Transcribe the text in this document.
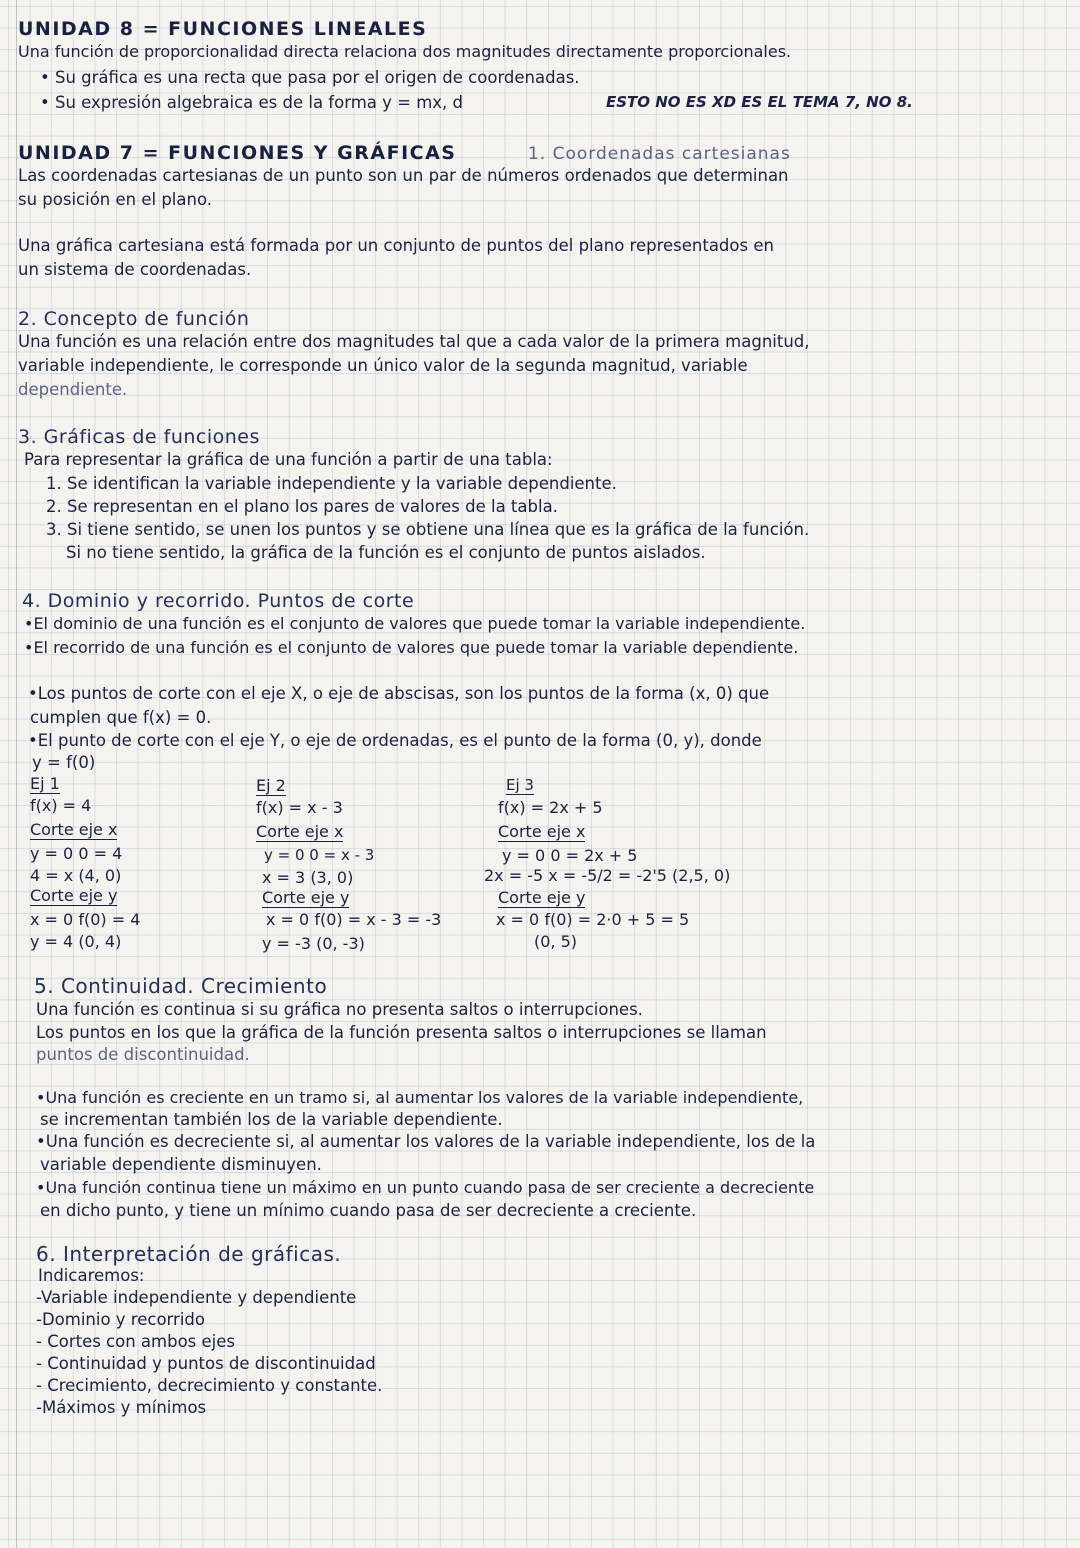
UNIDAD 8 = FUNCIONES LINEALES
Una función de proporcionalidad directa relaciona dos magnitudes directamente proporcionales.
• Su gráfica es una recta que pasa por el origen de coordenadas.
• Su expresión algebraica es de la forma y = mx, d	ESTO NO ES XD ES EL TEMA 7, NO 8.
UNIDAD 7 = FUNCIONES Y GRÁFICAS	1. Coordenadas cartesianas
Las coordenadas cartesianas de un punto son un par de números ordenados que determinan
su posición en el plano.
Una gráfica cartesiana está formada por un conjunto de puntos del plano representados en
un sistema de coordenadas.
2. Concepto de función
Una función es una relación entre dos magnitudes tal que a cada valor de la primera magnitud,
variable independiente, le corresponde un único valor de la segunda magnitud, variable
dependiente.
3. Gráficas de funciones
Para representar la gráfica de una función a partir de una tabla:
1. Se identifican la variable independiente y la variable dependiente.
2. Se representan en el plano los pares de valores de la tabla.
3. Si tiene sentido, se unen los puntos y se obtiene una línea que es la gráfica de la función.
Si no tiene sentido, la gráfica de la función es el conjunto de puntos aislados.
4. Dominio y recorrido. Puntos de corte
•El dominio de una función es el conjunto de valores que puede tomar la variable independiente.
•El recorrido de una función es el conjunto de valores que puede tomar la variable dependiente.
•Los puntos de corte con el eje X, o eje de abscisas, son los puntos de la forma (x, 0) que
cumplen que f(x) = 0.
•El punto de corte con el eje Y, o eje de ordenadas, es el punto de la forma (0, y), donde
y = f(0)
Ej 1
f(x) = 4
Corte eje x
y = 0 0 = 4
4 = x (4, 0)
Corte eje y
x = 0 f(0) = 4
y = 4 (0, 4)
Ej 2
f(x) = x - 3
Corte eje x
y = 0 0 = x - 3
x = 3 (3, 0)
Corte eje y
x = 0 f(0) = x - 3 = -3
y = -3 (0, -3)
Ej 3
f(x) = 2x + 5
Corte eje x
y = 0 0 = 2x + 5
2x = -5 x = -5/2 = -2'5 (2,5, 0)
Corte eje y
x = 0 f(0) = 2·0 + 5 = 5
(0, 5)
5. Continuidad. Crecimiento
Una función es continua si su gráfica no presenta saltos o interrupciones.
Los puntos en los que la gráfica de la función presenta saltos o interrupciones se llaman
puntos de discontinuidad.
•Una función es creciente en un tramo si, al aumentar los valores de la variable independiente,
se incrementan también los de la variable dependiente.
•Una función es decreciente si, al aumentar los valores de la variable independiente, los de la
variable dependiente disminuyen.
•Una función continua tiene un máximo en un punto cuando pasa de ser creciente a decreciente
en dicho punto, y tiene un mínimo cuando pasa de ser decreciente a creciente.
6. Interpretación de gráficas.
Indicaremos:
-Variable independiente y dependiente
-Dominio y recorrido
- Cortes con ambos ejes
- Continuidad y puntos de discontinuidad
- Crecimiento, decrecimiento y constante.
-Máximos y mínimos
